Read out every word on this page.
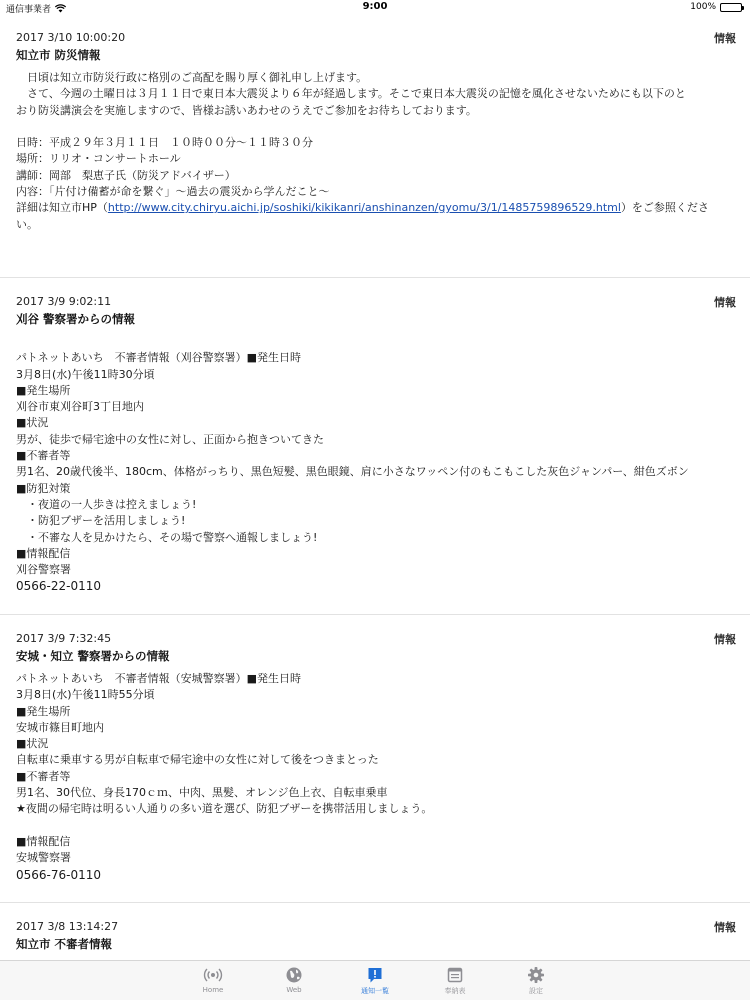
通信事業者	9:00	100%
2017 3/10 10:00:20	情報
知立市 防災情報
　日頃は知立市防災行政に格別のご高配を賜り厚く御礼申し上げます。
　さて、今週の土曜日は３月１１日で東日本大震災より６年が経過します。そこで東日本大震災の記憶を風化させないためにも以下のと
おり防災講演会を実施しますので、皆様お誘いあわせのうえでご参加をお待ちしております。
日時：平成２９年３月１１日　１０時００分～１１時３０分
場所：リリオ・コンサートホール
講師：岡部　梨恵子氏（防災アドバイザー）
内容：「片付け備蓄が命を繋ぐ」～過去の震災から学んだこと～
詳細は知立市HP（http://www.city.chiryu.aichi.jp/soshiki/kikikanri/anshinanzen/gyomu/3/1/1485759896529.html）をご参照くださ
い。
2017 3/9 9:02:11	情報
刈谷 警察署からの情報
パトネットあいち　不審者情報（刈谷警察署）■発生日時
3月8日(水)午後11時30分頃
■発生場所
刈谷市東刈谷町3丁目地内
■状況
男が、徒歩で帰宅途中の女性に対し、正面から抱きついてきた
■不審者等
男1名、20歳代後半、180cm、体格がっちり、黒色短髪、黒色眼鏡、肩に小さなワッペン付のもこもこした灰色ジャンパー、紺色ズボン
■防犯対策
　・夜道の一人歩きは控えましょう!
　・防犯ブザーを活用しましょう!
　・不審な人を見かけたら、その場で警察へ通報しましょう!
■情報配信
刈谷警察署
0566-22-0110
2017 3/9 7:32:45	情報
安城・知立 警察署からの情報
パトネットあいち　不審者情報（安城警察署）■発生日時
3月8日(水)午後11時55分頃
■発生場所
安城市篠目町地内
■状況
自転車に乗車する男が自転車で帰宅途中の女性に対して後をつきまとった
■不審者等
男1名、30代位、身長170ｃｍ、中肉、黒髪、オレンジ色上衣、自転車乗車
★夜間の帰宅時は明るい人通りの多い道を選び、防犯ブザーを携帯活用しましょう。
■情報配信
安城警察署
0566-76-0110
2017 3/8 13:14:27	情報
知立市 不審者情報
Home	Web	通知一覧	奉納表	設定
